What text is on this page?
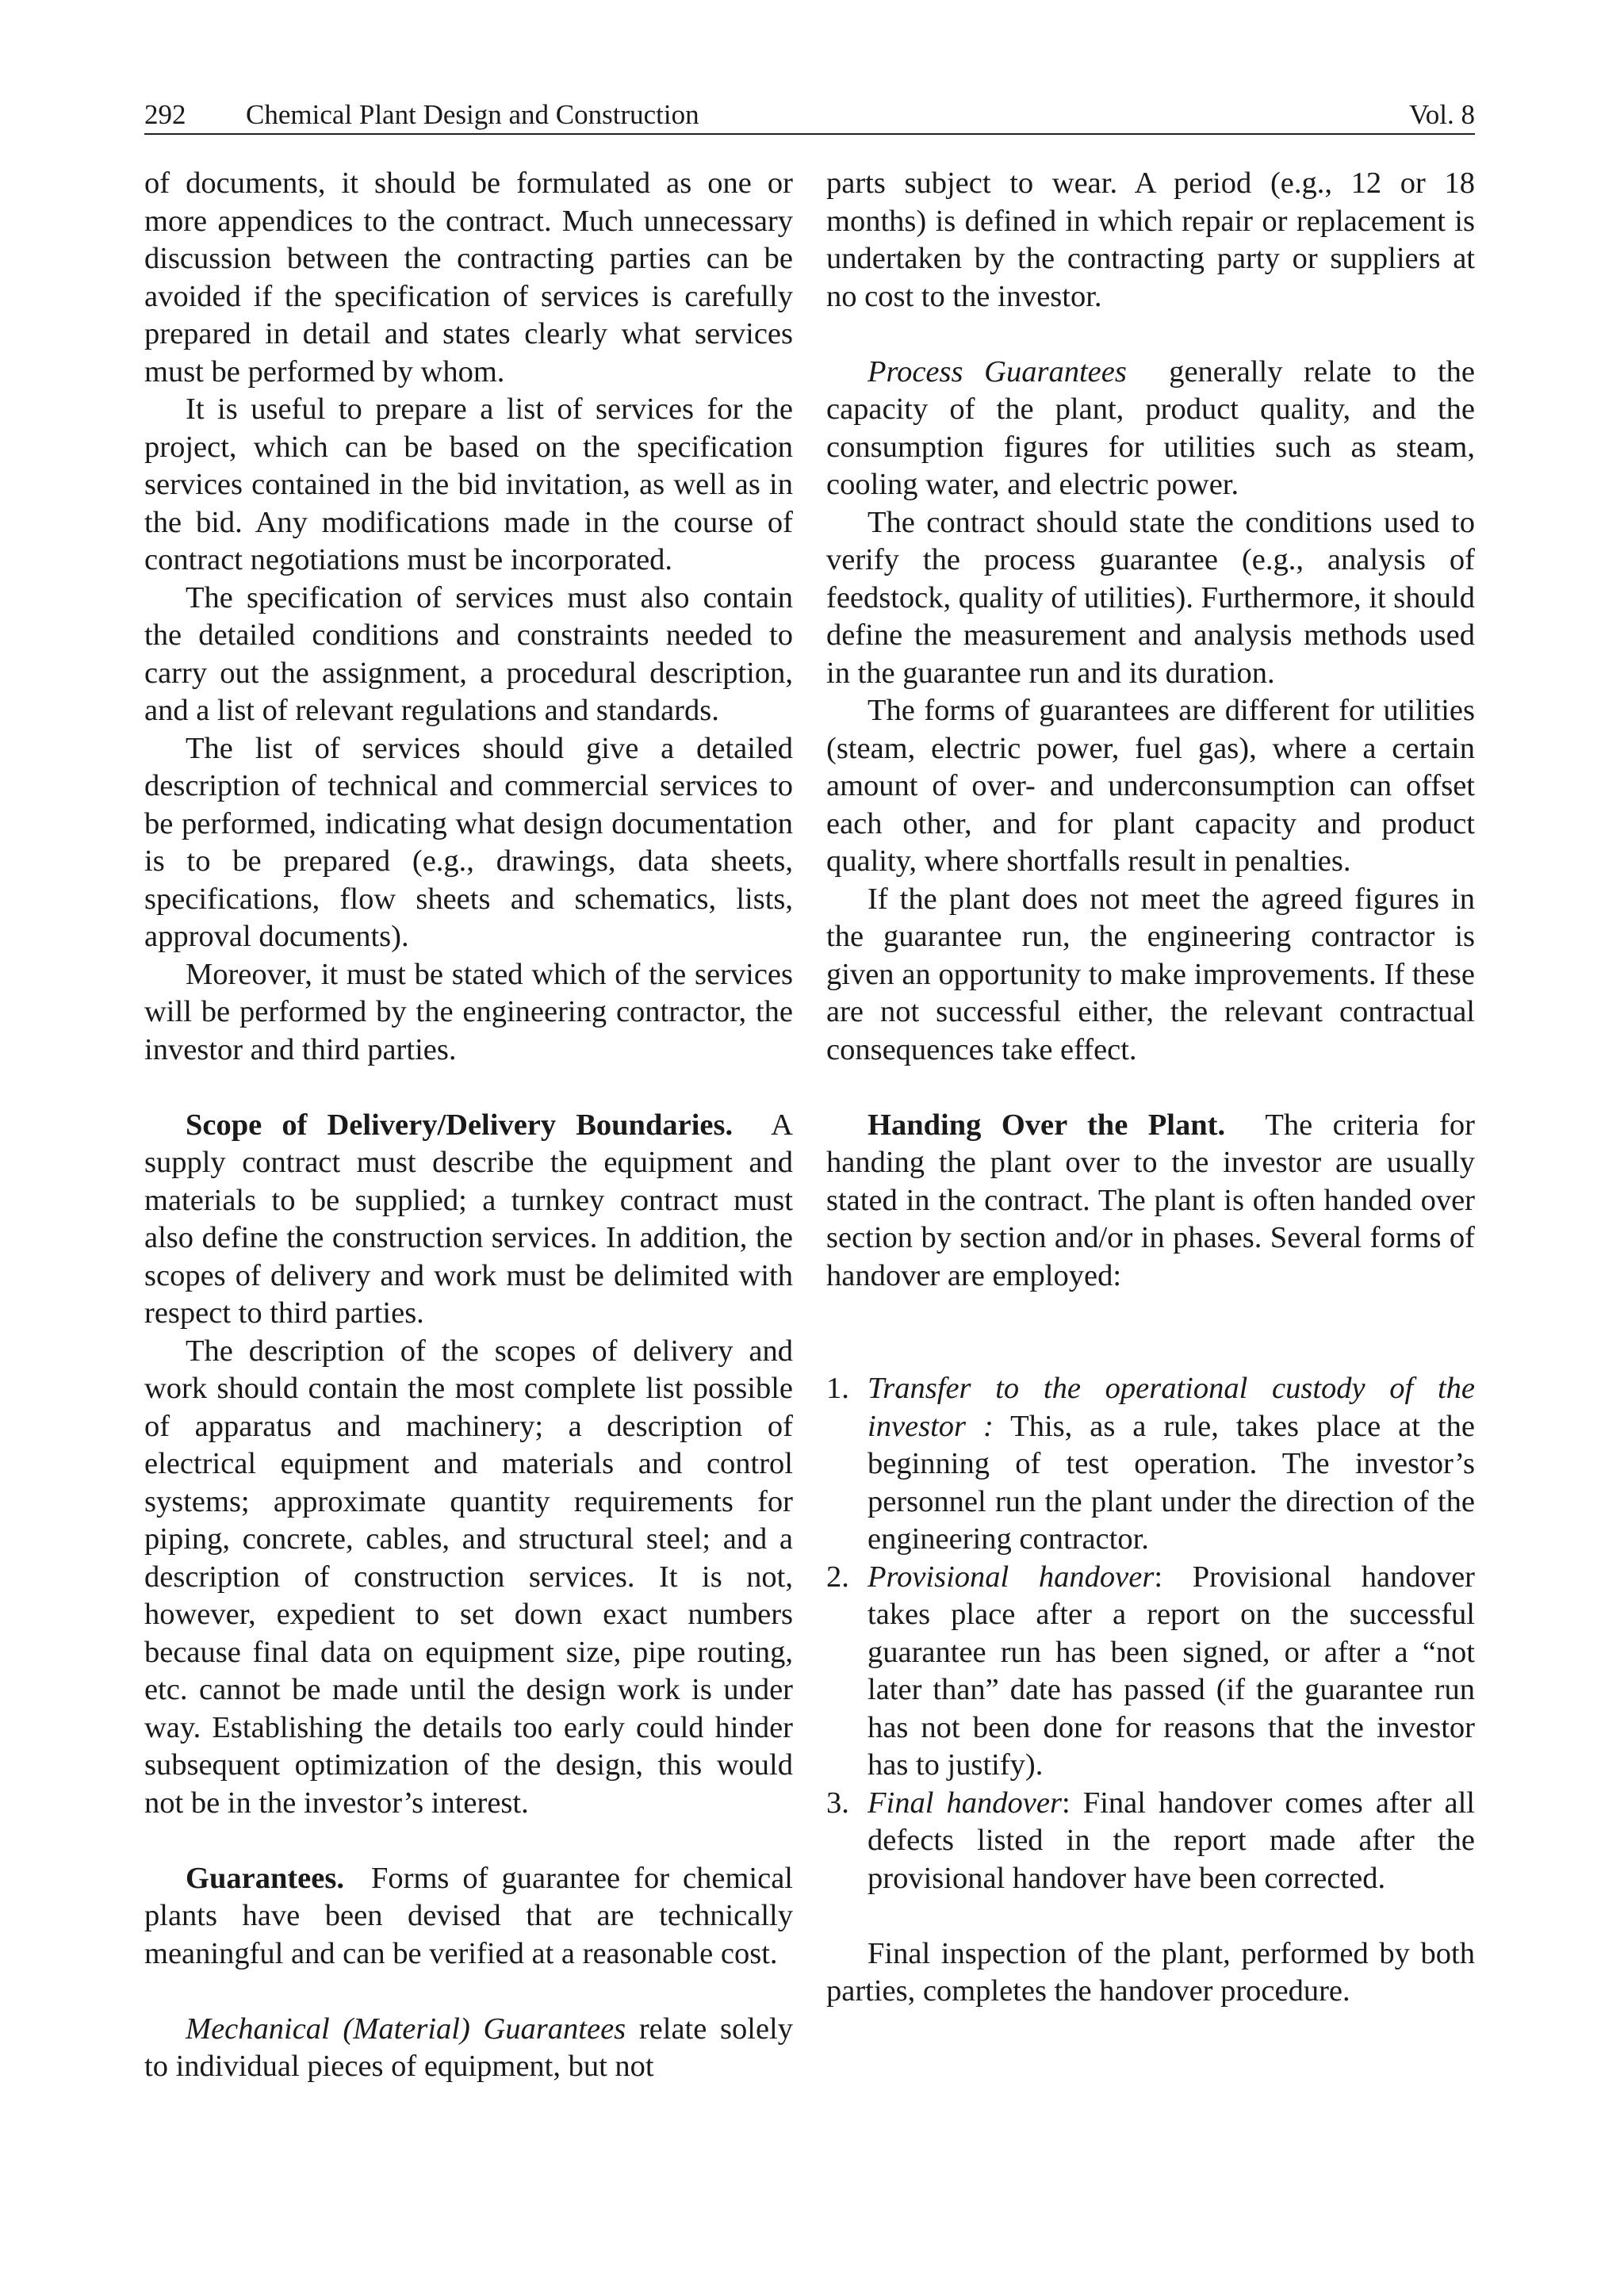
292 Chemical Plant Design and Construction	Vol. 8

of documents, it should be formulated as one or more appendices to the contract. Much unnecessary discussion between the contracting parties can be avoided if the specification of services is carefully prepared in detail and states clearly what services must be performed by whom.

It is useful to prepare a list of services for the project, which can be based on the specification services contained in the bid invitation, as well as in the bid. Any modifications made in the course of contract negotiations must be incorporated.

The specification of services must also contain the detailed conditions and constraints needed to carry out the assignment, a procedural description, and a list of relevant regulations and standards.

The list of services should give a detailed description of technical and commercial services to be performed, indicating what design documentation is to be prepared (e.g., drawings, data sheets, specifications, flow sheets and schematics, lists, approval documents).

Moreover, it must be stated which of the services will be performed by the engineering contractor, the investor and third parties.

Scope of Delivery/Delivery Boundaries. A supply contract must describe the equipment and materials to be supplied; a turnkey contract must also define the construction services. In addition, the scopes of delivery and work must be delimited with respect to third parties.

The description of the scopes of delivery and work should contain the most complete list possible of apparatus and machinery; a description of electrical equipment and materials and control systems; approximate quantity requirements for piping, concrete, cables, and structural steel; and a description of construction services. It is not, however, expedient to set down exact numbers because final data on equipment size, pipe routing, etc. cannot be made until the design work is under way. Establishing the details too early could hinder subsequent optimization of the design, this would not be in the investor’s interest.

Guarantees. Forms of guarantee for chemical plants have been devised that are technically meaningful and can be verified at a reasonable cost.

Mechanical (Material) Guarantees relate solely to individual pieces of equipment, but not

parts subject to wear. A period (e.g., 12 or 18 months) is defined in which repair or replacement is undertaken by the contracting party or suppliers at no cost to the investor.

Process Guarantees generally relate to the capacity of the plant, product quality, and the consumption figures for utilities such as steam, cooling water, and electric power.

The contract should state the conditions used to verify the process guarantee (e.g., analysis of feedstock, quality of utilities). Furthermore, it should define the measurement and analysis methods used in the guarantee run and its duration.

The forms of guarantees are different for utilities (steam, electric power, fuel gas), where a certain amount of over- and underconsumption can offset each other, and for plant capacity and product quality, where shortfalls result in penalties.

If the plant does not meet the agreed figures in the guarantee run, the engineering contractor is given an opportunity to make improvements. If these are not successful either, the relevant contractual consequences take effect.

Handing Over the Plant. The criteria for handing the plant over to the investor are usually stated in the contract. The plant is often handed over section by section and/or in phases. Several forms of handover are employed:

1. Transfer to the operational custody of the investor : This, as a rule, takes place at the beginning of test operation. The investor’s personnel run the plant under the direction of the engineering contractor.
2. Provisional handover: Provisional handover takes place after a report on the successful guarantee run has been signed, or after a “not later than” date has passed (if the guarantee run has not been done for reasons that the investor has to justify).
3. Final handover: Final handover comes after all defects listed in the report made after the provisional handover have been corrected.

Final inspection of the plant, performed by both parties, completes the handover procedure.
